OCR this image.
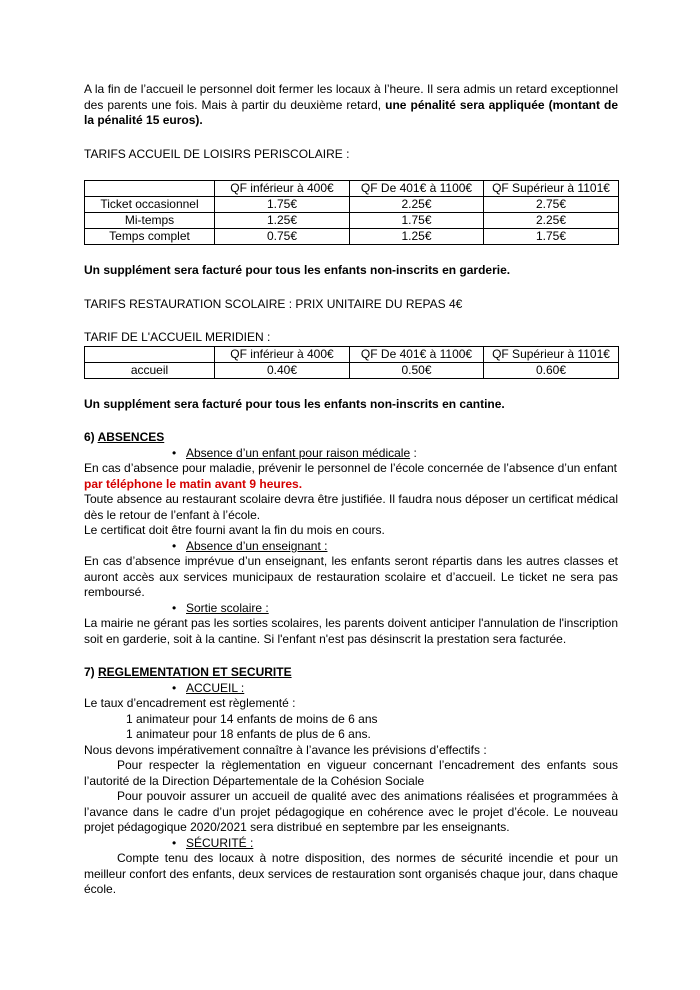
A la fin de l’accueil le personnel doit fermer les locaux à l’heure. Il sera admis un retard exceptionnel des parents une fois. Mais à partir du deuxième retard, une pénalité sera appliquée (montant de la pénalité 15 euros).

TARIFS ACCUEIL DE LOISIRS PERISCOLAIRE :

	QF inférieur à 400€	QF De 401€ à 1100€	QF Supérieur à 1101€
Ticket occasionnel	1.75€	2.25€	2.75€
Mi-temps	1.25€	1.75€	2.25€
Temps complet	0.75€	1.25€	1.75€

Un supplément sera facturé pour tous les enfants non-inscrits en garderie.

TARIFS RESTAURATION SCOLAIRE : PRIX UNITAIRE DU REPAS 4€

TARIF DE L'ACCUEIL MERIDIEN :

	QF inférieur à 400€	QF De 401€ à 1100€	QF Supérieur à 1101€
accueil	0.40€	0.50€	0.60€

Un supplément sera facturé pour tous les enfants non-inscrits en cantine.

6) ABSENCES

• Absence d’un enfant pour raison médicale :

En cas d’absence pour maladie, prévenir le personnel de l’école concernée de l’absence d’un enfant

par téléphone le matin avant 9 heures.

Toute absence au restaurant scolaire devra être justifiée. Il faudra nous déposer un certificat médical dès le retour de l’enfant à l’école.

Le certificat doit être fourni avant la fin du mois en cours.

• Absence d’un enseignant :

En cas d’absence imprévue d’un enseignant, les enfants seront répartis dans les autres classes et auront accès aux services municipaux de restauration scolaire et d’accueil. Le ticket ne sera pas remboursé.

• Sortie scolaire :

La mairie ne gérant pas les sorties scolaires, les parents doivent anticiper l'annulation de l'inscription soit en garderie, soit à la cantine. Si l'enfant n'est pas désinscrit la prestation sera facturée.

7) REGLEMENTATION ET SECURITE

• ACCUEIL :

Le taux d’encadrement est règlementé :

1 animateur pour 14 enfants de moins de 6 ans

1 animateur pour 18 enfants de plus de 6 ans.

Nous devons impérativement connaître à l’avance les prévisions d’effectifs :

Pour respecter la règlementation en vigueur concernant l’encadrement des enfants sous l’autorité de la Direction Départementale de la Cohésion Sociale

Pour pouvoir assurer un accueil de qualité avec des animations réalisées et programmées à l’avance dans le cadre d’un projet pédagogique en cohérence avec le projet d’école. Le nouveau projet pédagogique 2020/2021 sera distribué en septembre par les enseignants.

• SÉCURITÉ :

Compte tenu des locaux à notre disposition, des normes de sécurité incendie et pour un meilleur confort des enfants, deux services de restauration sont organisés chaque jour, dans chaque école.
